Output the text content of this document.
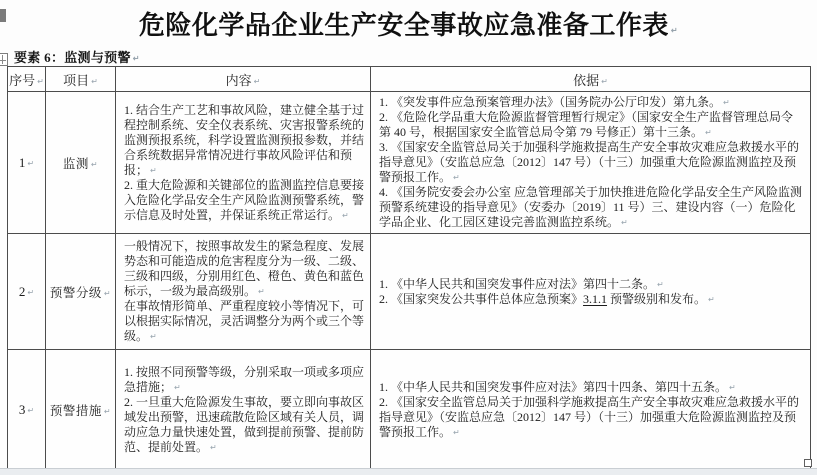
危险化学品企业生产安全事故应急准备工作表 ↵
要素 6：监测与预警 ↵
序号 ↵	项目 ↵	内容 ↵	依据 ↵
1 ↵	监测 ↵	1. 结合生产工艺和事故风险，建立健全基于过程控制系统、安全仪表系统、灾害报警系统的监测预报系统，科学设置监测预报参数，并结合系统数据异常情况进行事故风险评估和预报； ↵
2. 重大危险源和关键部位的监测监控信息要接入危险化学品安全生产风险监测预警系统，警示信息及时处置，并保证系统正常运行。 ↵	1. 《突发事件应急预案管理办法》（国务院办公厅印发）第九条。 ↵
2. 《危险化学品重大危险源监督管理暂行规定》（国家安全生产监督管理总局令第 40 号，根据国家安全监管总局令第 79 号修正）第十三条。 ↵
3. 《国家安全监管总局关于加强科学施救提高生产安全事故灾难应急救援水平的指导意见》（安监总应急〔2012〕147 号）（十三）加强重大危险源监测监控及预警预报工作。 ↵
4. 《国务院安委会办公室 应急管理部关于加快推进危险化学品安全生产风险监测预警系统建设的指导意见》（安委办〔2019〕11 号）三、建设内容（一）危险化学品企业、化工园区建设完善监测监控系统。 ↵

2 ↵	预警分级 ↵	一般情况下，按照事故发生的紧急程度、发展势态和可能造成的危害程度分为一级、二级、三级和四级，分别用红色、橙色、黄色和蓝色标示，一级为最高级别。 ↵
在事故情形简单、严重程度较小等情况下，可以根据实际情况，灵活调整分为两个或三个等级。 ↵	1. 《中华人民共和国突发事件应对法》第四十二条。 ↵
2. 《国家突发公共事件总体应急预案》3.1.1 预警级别和发布。 ↵

3 ↵	预警措施 ↵	1. 按照不同预警等级，分别采取一项或多项应急措施； ↵
2. 一旦重大危险源发生事故，要立即向事故区域发出预警，迅速疏散危险区域有关人员，调动应急力量快速处置，做到提前预警、提前防范、提前处置。 ↵	1. 《中华人民共和国突发事件应对法》第四十四条、第四十五条。 ↵
2. 《国家安全监管总局关于加强科学施救提高生产安全事故灾难应急救援水平的指导意见》（安监总应急〔2012〕147 号）（十三）加强重大危险源监测监控及预警预报工作。 ↵
